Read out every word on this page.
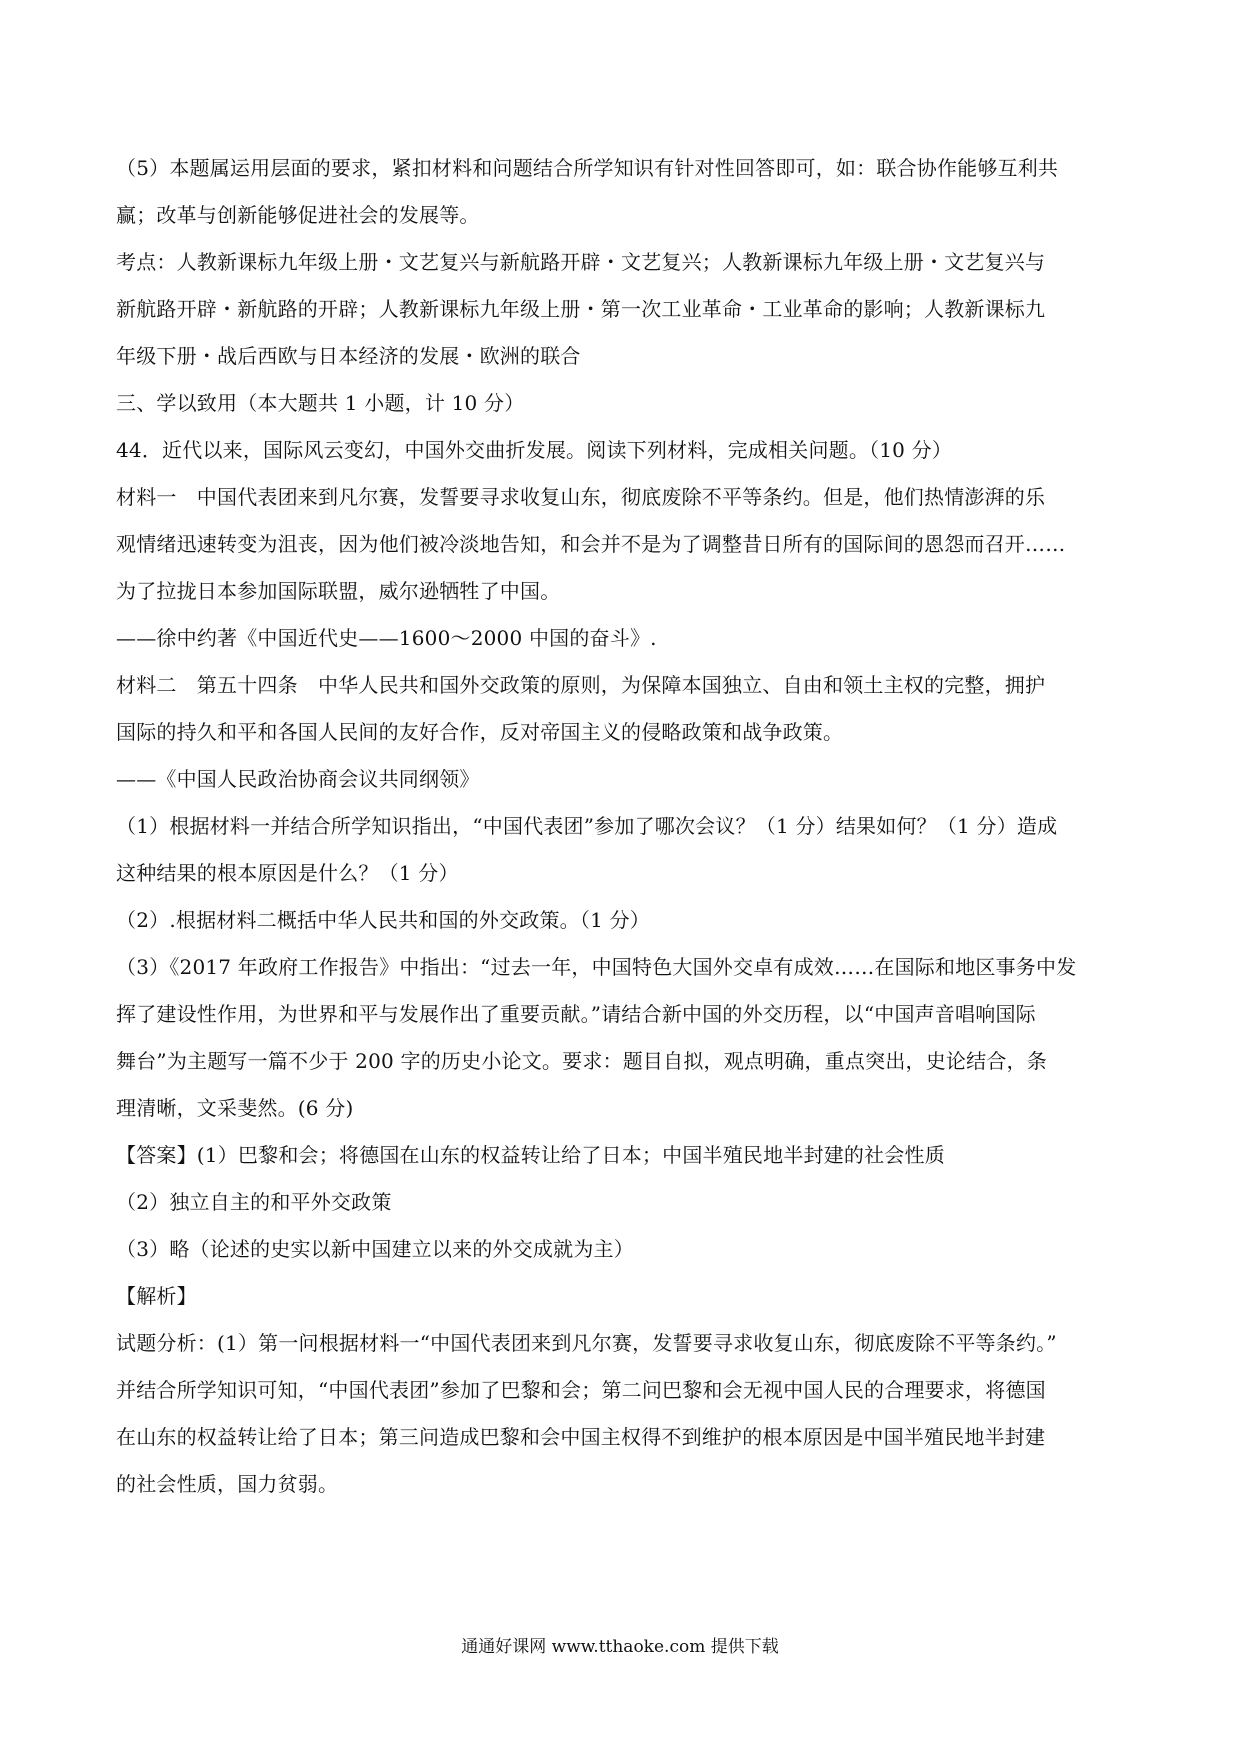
（5）本题属运用层面的要求，紧扣材料和问题结合所学知识有针对性回答即可，如：联合协作能够互利共
赢；改革与创新能够促进社会的发展等。
考点：人教新课标九年级上册・文艺复兴与新航路开辟・文艺复兴；人教新课标九年级上册・文艺复兴与
新航路开辟・新航路的开辟；人教新课标九年级上册・第一次工业革命・工业革命的影响；人教新课标九
年级下册・战后西欧与日本经济的发展・欧洲的联合
三、学以致用（本大题共 1 小题，计 10 分）
44．近代以来，国际风云变幻，中国外交曲折发展。阅读下列材料，完成相关问题。（10 分）
材料一　中国代表团来到凡尔赛，发誓要寻求收复山东，彻底废除不平等条约。但是，他们热情澎湃的乐
观情绪迅速转变为沮丧，因为他们被冷淡地告知，和会并不是为了调整昔日所有的国际间的恩怨而召开……
为了拉拢日本参加国际联盟，威尔逊牺牲了中国。
——徐中约著《中国近代史——1600～2000 中国的奋斗》.
材料二　第五十四条　中华人民共和国外交政策的原则，为保障本国独立、自由和领土主权的完整，拥护
国际的持久和平和各国人民间的友好合作，反对帝国主义的侵略政策和战争政策。
——《中国人民政治协商会议共同纲领》
（1）根据材料一并结合所学知识指出，“中国代表团”参加了哪次会议？（1 分）结果如何？（1 分）造成
这种结果的根本原因是什么？（1 分）
（2）.根据材料二概括中华人民共和国的外交政策。（1 分）
（3）《2017 年政府工作报告》中指出：“过去一年，中国特色大国外交卓有成效……在国际和地区事务中发
挥了建设性作用，为世界和平与发展作出了重要贡献。”请结合新中国的外交历程，以“中国声音唱响国际
舞台”为主题写一篇不少于 200 字的历史小论文。要求：题目自拟，观点明确，重点突出，史论结合，条
理清晰，文采斐然。(6 分)
【答案】(1）巴黎和会；将德国在山东的权益转让给了日本；中国半殖民地半封建的社会性质
（2）独立自主的和平外交政策
（3）略（论述的史实以新中国建立以来的外交成就为主）
【解析】
试题分析：(1）第一问根据材料一“中国代表团来到凡尔赛，发誓要寻求收复山东，彻底废除不平等条约。”
并结合所学知识可知，“中国代表团”参加了巴黎和会；第二问巴黎和会无视中国人民的合理要求，将德国
在山东的权益转让给了日本；第三问造成巴黎和会中国主权得不到维护的根本原因是中国半殖民地半封建
的社会性质，国力贫弱。
通通好课网 www.tthaoke.com 提供下载
